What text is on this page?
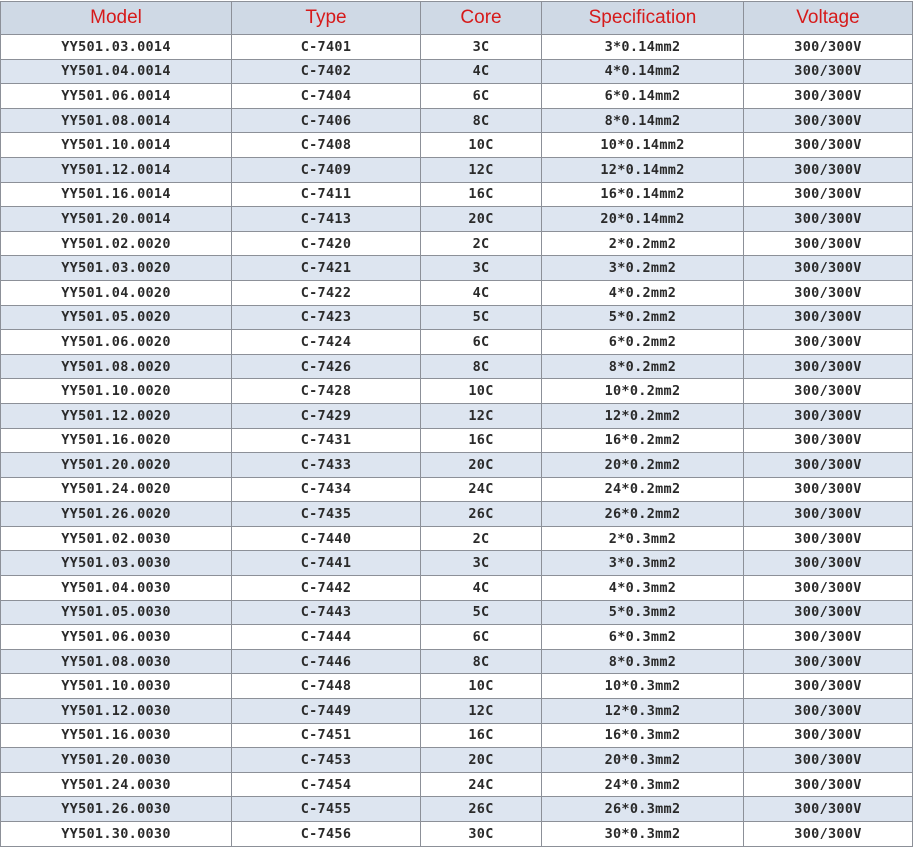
Model	Type	Core	Specification	Voltage
YY501.03.0014	C-7401	3C	3*0.14mm2	300/300V
YY501.04.0014	C-7402	4C	4*0.14mm2	300/300V
YY501.06.0014	C-7404	6C	6*0.14mm2	300/300V
YY501.08.0014	C-7406	8C	8*0.14mm2	300/300V
YY501.10.0014	C-7408	10C	10*0.14mm2	300/300V
YY501.12.0014	C-7409	12C	12*0.14mm2	300/300V
YY501.16.0014	C-7411	16C	16*0.14mm2	300/300V
YY501.20.0014	C-7413	20C	20*0.14mm2	300/300V
YY501.02.0020	C-7420	2C	2*0.2mm2	300/300V
YY501.03.0020	C-7421	3C	3*0.2mm2	300/300V
YY501.04.0020	C-7422	4C	4*0.2mm2	300/300V
YY501.05.0020	C-7423	5C	5*0.2mm2	300/300V
YY501.06.0020	C-7424	6C	6*0.2mm2	300/300V
YY501.08.0020	C-7426	8C	8*0.2mm2	300/300V
YY501.10.0020	C-7428	10C	10*0.2mm2	300/300V
YY501.12.0020	C-7429	12C	12*0.2mm2	300/300V
YY501.16.0020	C-7431	16C	16*0.2mm2	300/300V
YY501.20.0020	C-7433	20C	20*0.2mm2	300/300V
YY501.24.0020	C-7434	24C	24*0.2mm2	300/300V
YY501.26.0020	C-7435	26C	26*0.2mm2	300/300V
YY501.02.0030	C-7440	2C	2*0.3mm2	300/300V
YY501.03.0030	C-7441	3C	3*0.3mm2	300/300V
YY501.04.0030	C-7442	4C	4*0.3mm2	300/300V
YY501.05.0030	C-7443	5C	5*0.3mm2	300/300V
YY501.06.0030	C-7444	6C	6*0.3mm2	300/300V
YY501.08.0030	C-7446	8C	8*0.3mm2	300/300V
YY501.10.0030	C-7448	10C	10*0.3mm2	300/300V
YY501.12.0030	C-7449	12C	12*0.3mm2	300/300V
YY501.16.0030	C-7451	16C	16*0.3mm2	300/300V
YY501.20.0030	C-7453	20C	20*0.3mm2	300/300V
YY501.24.0030	C-7454	24C	24*0.3mm2	300/300V
YY501.26.0030	C-7455	26C	26*0.3mm2	300/300V
YY501.30.0030	C-7456	30C	30*0.3mm2	300/300V
